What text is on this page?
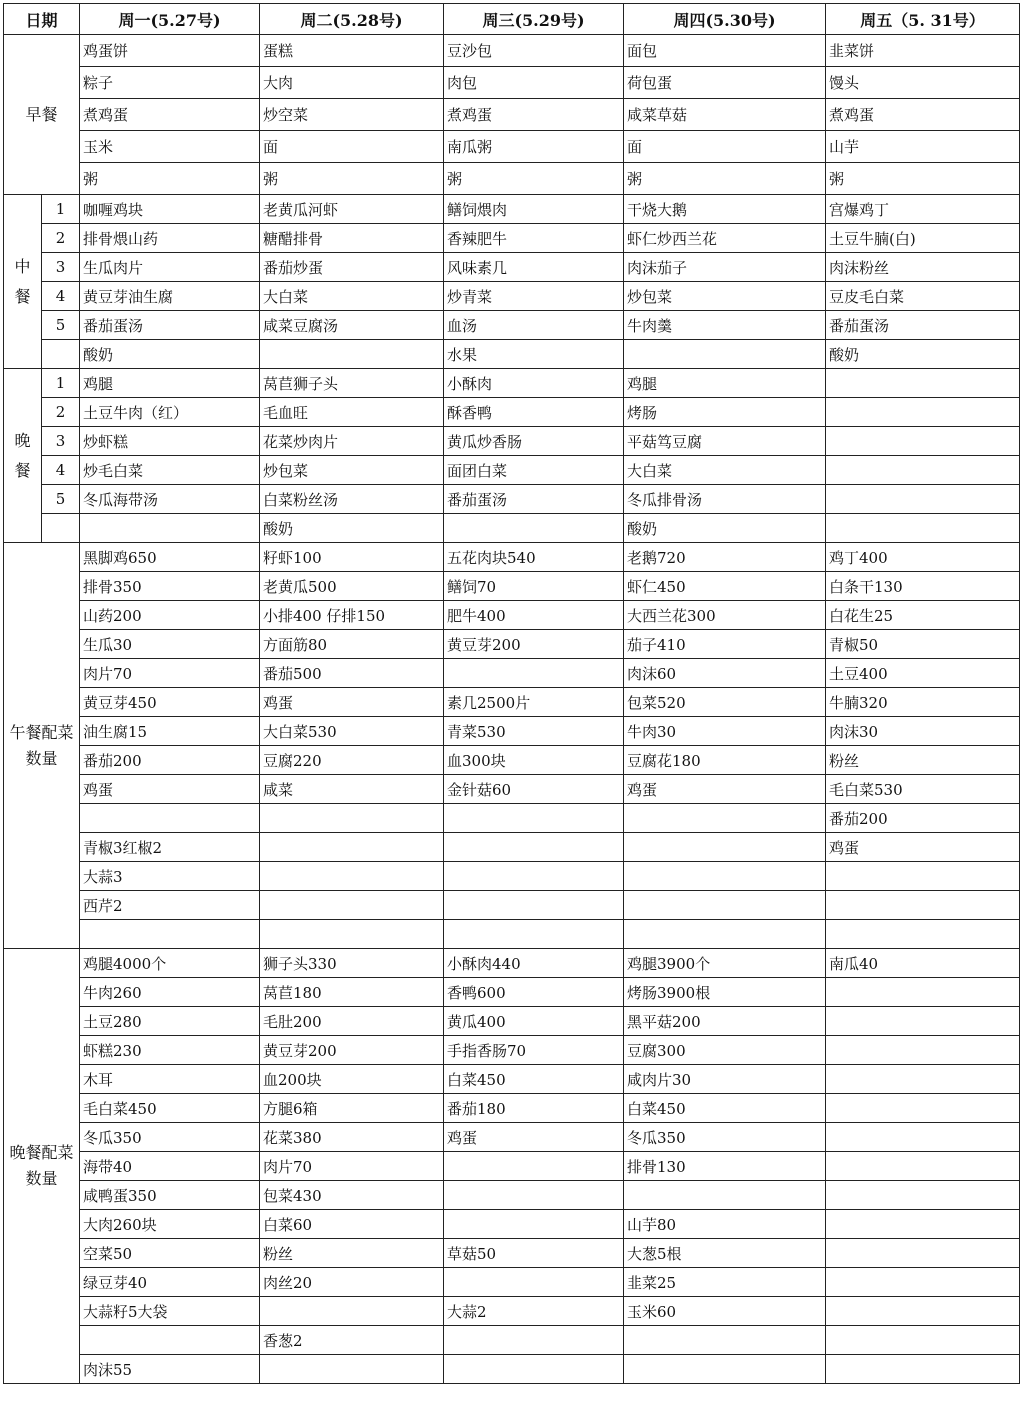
日期		周一(5.27号)	周二(5.28号)	周三(5.29号)	周四(5.30号)	周五（5. 31号）
早餐		鸡蛋饼	蛋糕	豆沙包	面包	韭菜饼
		粽子	大肉	肉包	荷包蛋	馒头
		煮鸡蛋	炒空菜	煮鸡蛋	咸菜草菇	煮鸡蛋
		玉米	面	南瓜粥	面	山芋
		粥	粥	粥	粥	粥
中餐	1	咖喱鸡块	老黄瓜河虾	鳝饲煨肉	干烧大鹅	宫爆鸡丁
	2	排骨煨山药	糖醋排骨	香辣肥牛	虾仁炒西兰花	土豆牛腩(白)
	3	生瓜肉片	番茄炒蛋	风味素几	肉沫茄子	肉沫粉丝
	4	黄豆芽油生腐	大白菜	炒青菜	炒包菜	豆皮毛白菜
	5	番茄蛋汤	咸菜豆腐汤	血汤	牛肉羹	番茄蛋汤
		酸奶		水果		酸奶
晚餐	1	鸡腿	莴苣狮子头	小酥肉	鸡腿	
	2	土豆牛肉（红）	毛血旺	酥香鸭	烤肠	
	3	炒虾糕	花菜炒肉片	黄瓜炒香肠	平菇笃豆腐	
	4	炒毛白菜	炒包菜	面团白菜	大白菜	
	5	冬瓜海带汤	白菜粉丝汤	番茄蛋汤	冬瓜排骨汤	
			酸奶		酸奶	
午餐配菜数量		黑脚鸡650	籽虾100	五花肉块540	老鹅720	鸡丁400
		排骨350	老黄瓜500	鳝饲70	虾仁450	白条干130
		山药200	小排400 仔排150	肥牛400	大西兰花300	白花生25
		生瓜30	方面筋80	黄豆芽200	茄子410	青椒50
		肉片70	番茄500		肉沫60	土豆400
		黄豆芽450	鸡蛋	素几2500片	包菜520	牛腩320
		油生腐15	大白菜530	青菜530	牛肉30	肉沫30
		番茄200	豆腐220	血300块	豆腐花180	粉丝
		鸡蛋	咸菜	金针菇60	鸡蛋	毛白菜530
						番茄200
		青椒3红椒2				鸡蛋
		大蒜3				
		西芹2				

晚餐配菜数量		鸡腿4000个	狮子头330	小酥肉440	鸡腿3900个	南瓜40
		牛肉260	莴苣180	香鸭600	烤肠3900根	
		土豆280	毛肚200	黄瓜400	黑平菇200	
		虾糕230	黄豆芽200	手指香肠70	豆腐300	
		木耳	血200块	白菜450	咸肉片30	
		毛白菜450	方腿6箱	番茄180	白菜450	
		冬瓜350	花菜380	鸡蛋	冬瓜350	
		海带40	肉片70		排骨130	
		咸鸭蛋350	包菜430			
		大肉260块	白菜60		山芋80	
		空菜50	粉丝	草菇50	大葱5根	
		绿豆芽40	肉丝20		韭菜25	
		大蒜籽5大袋		大蒜2	玉米60	
			香葱2			
		肉沫55				
